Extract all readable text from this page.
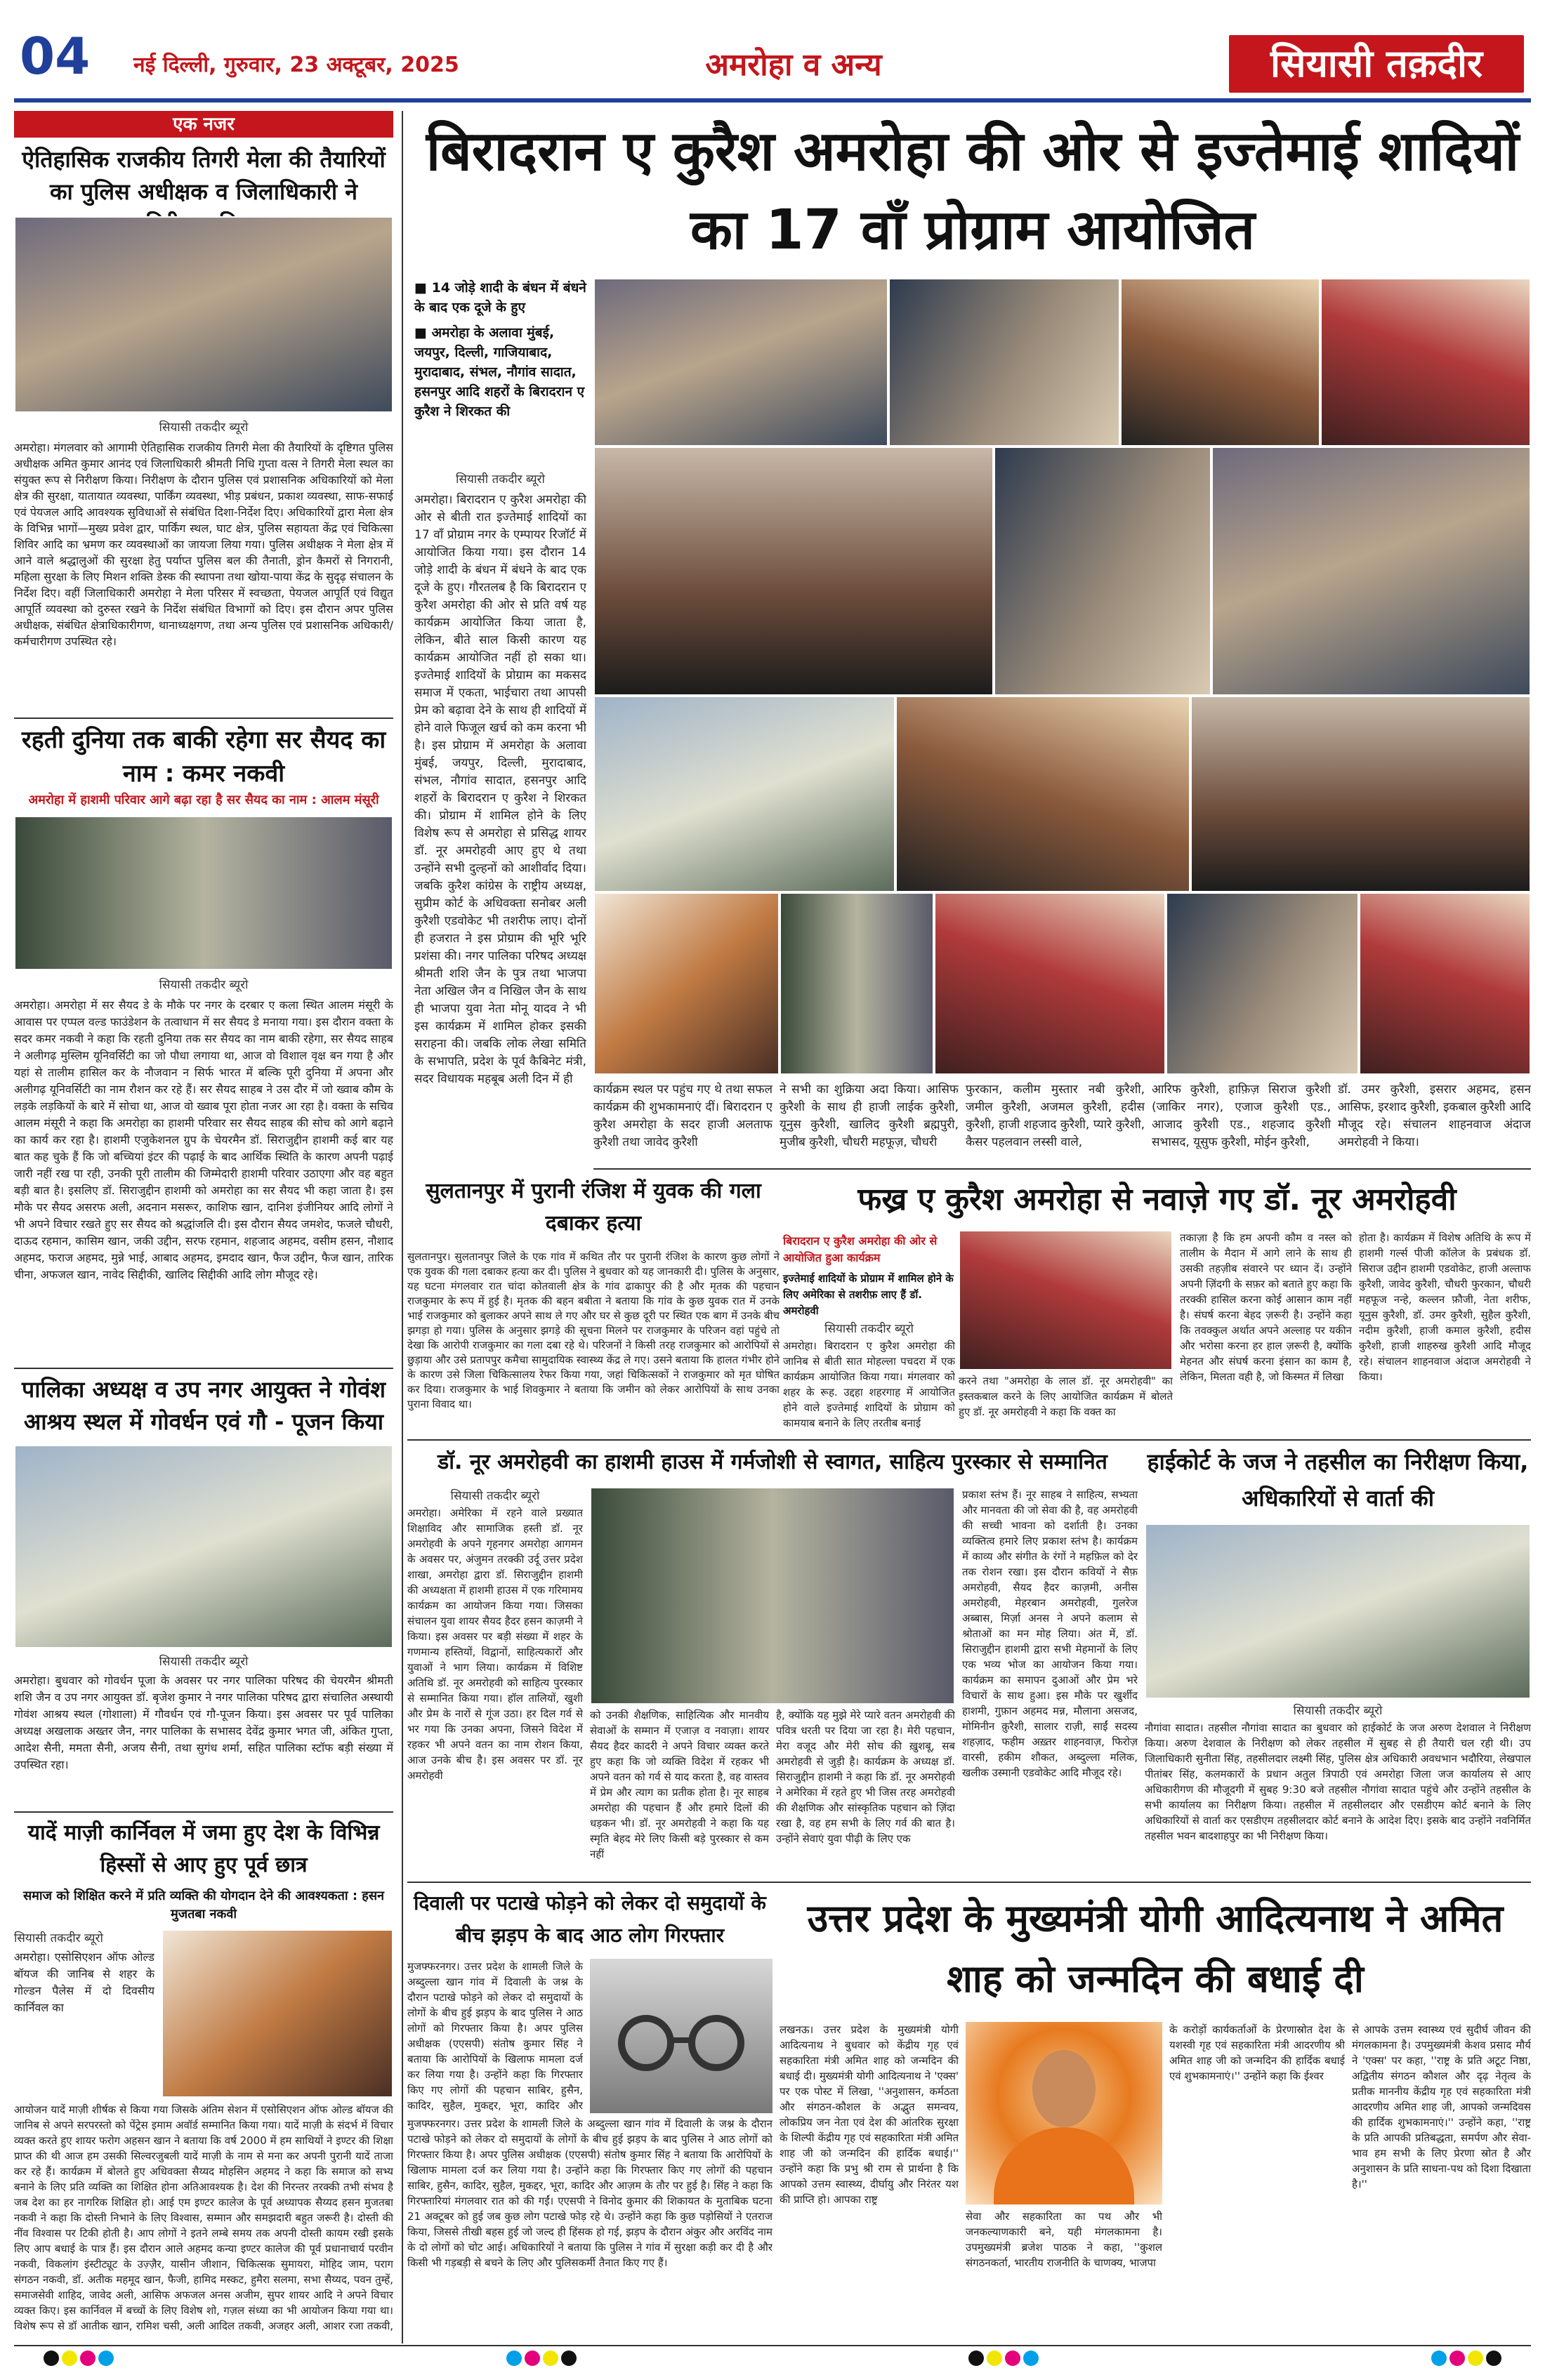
04	नई दिल्ली, गुरुवार, 23 अक्टूबर, 2025	अमरोहा व अन्य	सियासी तक़दीर
एक नजर
ऐतिहासिक राजकीय तिगरी मेला की तैयारियों का पुलिस अधीक्षक व जिलाधिकारी ने
सियासी तकदीर ब्यूरो
अमरोहा। मंगलवार को आगामी ऐतिहासिक राजकीय तिगरी मेला की तैयारियों के दृष्टिगत पुलिस अधीक्षक अमित कुमार आनंद एवं जिलाधिकारी श्रीमती निधि गुप्ता वत्स ने तिगरी मेला स्थल का संयुक्त रूप से निरीक्षण किया। निरीक्षण के दौरान पुलिस एवं प्रशासनिक अधिकारियों को मेला क्षेत्र की सुरक्षा, यातायात व्यवस्था, पार्किंग व्यवस्था, भीड़ प्रबंधन, प्रकाश व्यवस्था, साफ-सफाई एवं पेयजल आदि आवश्यक सुविधाओं से संबंधित दिशा-निर्देश दिए। अधिकारियों द्वारा मेला क्षेत्र के विभिन्न भागों—मुख्य प्रवेश द्वार, पार्किंग स्थल, घाट क्षेत्र, पुलिस सहायता केंद्र एवं चिकित्सा शिविर आदि का भ्रमण कर व्यवस्थाओं का जायजा लिया गया। पुलिस अधीक्षक ने मेला क्षेत्र में आने वाले श्रद्धालुओं की सुरक्षा हेतु पर्याप्त पुलिस बल की तैनाती, ड्रोन कैमरों से निगरानी, महिला सुरक्षा के लिए मिशन शक्ति डेस्क की स्थापना तथा खोया-पाया केंद्र के सुदृढ़ संचालन के निर्देश दिए। वहीं जिलाधिकारी अमरोहा ने मेला परिसर में स्वच्छता, पेयजल आपूर्ति एवं विद्युत आपूर्ति व्यवस्था को दुरुस्त रखने के निर्देश संबंधित विभागों को दिए। इस दौरान अपर पुलिस अधीक्षक, संबंधित क्षेत्राधिकारीगण, थानाध्यक्षगण, तथा अन्य पुलिस एवं प्रशासनिक अधिकारी/कर्मचारीगण उपस्थित रहे।
रहती दुनिया तक बाकी रहेगा सर सैयद का नाम : कमर नकवी
अमरोहा में हाशमी परिवार आगे बढ़ा रहा है सर सैयद का नाम : आलम मंसूरी
सियासी तकदीर ब्यूरो
अमरोहा। अमरोहा में सर सैयद डे के मौके पर नगर के दरबार ए कला स्थित आलम मंसूरी के आवास पर एप्पल वल्ड फाउंडेशन के तत्वाधान में सर सैयद डे मनाया गया। इस दौरान वक्ता के सदर कमर नकवी ने कहा कि रहती दुनिया तक सर सैयद का नाम बाकी रहेगा, सर सैयद साहब ने अलीगढ़ मुस्लिम यूनिवर्सिटी का जो पौधा लगाया था, आज वो विशाल वृक्ष बन गया है और यहां से तालीम हासिल कर के नौजवान न सिर्फ भारत में बल्कि पूरी दुनिया में अपना और अलीगढ़ यूनिवर्सिटी का नाम रौशन कर रहे हैं। सर सैयद साहब ने उस दौर में जो ख्वाब कौम के लड़के लड़कियों के बारे में सोचा था, आज वो ख्वाब पूरा होता नजर आ रहा है। वक्ता के सचिव आलम मंसूरी ने कहा कि अमरोहा का हाशमी परिवार सर सैयद साहब की सोच को आगे बढ़ाने का कार्य कर रहा है। हाशमी एजुकेशनल ग्रुप के चेयरमैन डॉ. सिराजुद्दीन हाशमी कई बार यह बात कह चुके हैं कि जो बच्चियां इंटर की पढ़ाई के बाद आर्थिक स्थिति के कारण अपनी पढ़ाई जारी नहीं रख पा रही, उनकी पूरी तालीम की जिम्मेदारी हाशमी परिवार उठाएगा और वह बहुत बड़ी बात है। इसलिए डॉ. सिराजुद्दीन हाशमी को अमरोहा का सर सैयद भी कहा जाता है। इस मौके पर सैयद असरफ अली, अदनान मसरूर, काशिफ खान, दानिश इंजीनियर आदि लोगों ने भी अपने विचार रखते हुए सर सैयद को श्रद्धांजलि दी। इस दौरान सैयद जमशेद, फजले चौधरी, दाऊद रहमान, कासिम खान, जकी उद्दीन, सरफ रहमान, शहजाद अहमद, वसीम हसन, नौशाद अहमद, फराज अहमद, मुन्ने भाई, आबाद अहमद, इमदाद खान, फैज उद्दीन, फैज खान, तारिक चीना, अफजल खान, नावेद सिद्दीकी, खालिद सिद्दीकी आदि लोग मौजूद रहे।
पालिका अध्यक्ष व उप नगर आयुक्त ने गोवंश आश्रय स्थल में गोवर्धन एवं गौ - पूजन किया
सियासी तकदीर ब्यूरो
अमरोहा। बुधवार को गोवर्धन पूजा के अवसर पर नगर पालिका परिषद की चेयरमैन श्रीमती शशि जैन व उप नगर आयुक्त डॉ. बृजेश कुमार ने नगर पालिका परिषद द्वारा संचालित अस्थायी गोवंश आश्रय स्थल (गोशाला) में गौवर्धन एवं गौ-पूजन किया। इस अवसर पर पूर्व पालिका अध्यक्ष अखलाक अख्तर जैन, नगर पालिका के सभासद देवेंद्र कुमार भगत जी, अंकित गुप्ता, आदेश सैनी, ममता सैनी, अजय सैनी, तथा सुगंध शर्मा, सहित पालिका स्टॉफ बड़ी संख्या में उपस्थित रहा।
यादें माज़ी कार्निवल में जमा हुए देश के विभिन्न हिस्सों से आए हुए पूर्व छात्र
समाज को शिक्षित करने में प्रति व्यक्ति की योगदान देने की आवश्यकता : हसन मुजतबा नकवी
सियासी तकदीर ब्यूरो
अमरोहा। एसोसिएशन ऑफ ओल्ड बॉयज की जानिब से शहर के गोल्डन पैलेस में दो दिवसीय कार्निवल का
आयोजन यादें माज़ी शीर्षक से किया गया जिसके अंतिम सेशन में एसोसिएशन ऑफ ओल्ड बॉयज की जानिब से अपने सरपरस्तो को पेंट्रेस इमाम अवॉर्ड सम्मानित किया गया। यादें माज़ी के संदर्भ में विचार व्यक्त करते हुए शायर फरोग अहसन खान ने बताया कि वर्ष 2000 में हम साथियों ने इण्टर की शिक्षा प्राप्त की थी आज हम उसकी सिल्वरजुबली यादें माज़ी के नाम से मना कर अपनी पुरानी यादें ताजा कर रहे हैं। कार्यक्रम में बोलते हुए अधिवक्ता सैय्यद मोहसिन अहमद ने कहा कि समाज को सभ्य बनाने के लिए प्रति व्यक्ति का शिक्षित होना अतिआवश्यक है। देश की निरन्तर तरक्की तभी संभव है जब देश का हर नागरिक शिक्षित हो। आई एम इण्टर कालेज के पूर्व अध्यापक सैय्यद हसन मुजतबा नकवी ने कहा कि दोस्ती निभाने के लिए विश्वास, सम्मान और समझदारी बहुत जरूरी है। दोस्ती की नींव विश्वास पर टिकी होती है। आप लोगों ने इतने लम्बे समय तक अपनी दोस्ती कायम रखी इसके लिए आप बधाई के पात्र हैं। इस दौरान आले अहमद कन्या इण्टर कालेज की पूर्व प्रधानाचार्य परवीन नकवी, विकलांग इंस्टीट्यूट के उज़्ज़ैर, यासीन जीशान, चिकित्सक सुमायरा, मोहिद जाम, पराग संगठन नकवी, डॉ. अतीक महमूद खान, फैजी, हामिद मस्कट, हुमैरा सलमा, सभा सैय्यद, पवन तुम्हें, समाजसेवी शाहिद, जावेद अली, आसिफ अफजल अनस अजीम, सुपर शायर आदि ने अपने विचार व्यक्त किए। इस कार्निवल में बच्चों के लिए विशेष शो, गज़ल संध्या का भी आयोजन किया गया था। विशेष रूप से डॉ आतीक खान, रामिश चसी, अली आदिल तकवी, अजहर अली, आशर रजा तकवी,
बिरादरान ए कुरैश अमरोहा की ओर से इज्तेमाई शादियों का 17 वाँ प्रोग्राम आयोजित
■ 14 जोड़े शादी के बंधन में बंधने के बाद एक दूजे के हुए
■ अमरोहा के अलावा मुंबई, जयपुर, दिल्ली, गाजियाबाद, मुरादाबाद, संभल, नौगांव सादात, हसनपुर आदि शहरों के बिरादरान ए कुरैश ने शिरकत की
सियासी तकदीर ब्यूरो
अमरोहा। बिरादरान ए कुरैश अमरोहा की ओर से बीती रात इज्तेमाई शादियों का 17 वाँ प्रोग्राम नगर के एम्पायर रिजॉर्ट में आयोजित किया गया। इस दौरान 14 जोड़े शादी के बंधन में बंधने के बाद एक दूजे के हुए। गौरतलब है कि बिरादरान ए कुरैश अमरोहा की ओर से प्रति वर्ष यह कार्यक्रम आयोजित किया जाता है, लेकिन, बीते साल किसी कारण यह कार्यक्रम आयोजित नहीं हो सका था। इज्तेमाई शादियों के प्रोग्राम का मकसद समाज में एकता, भाईचारा तथा आपसी प्रेम को बढ़ावा देने के साथ ही शादियों में होने वाले फिजूल खर्च को कम करना भी है। इस प्रोग्राम में अमरोहा के अलावा मुंबई, जयपुर, दिल्ली, मुरादाबाद, संभल, नौगांव सादात, हसनपुर आदि शहरों के बिरादरान ए कुरैश ने शिरकत की। प्रोग्राम में शामिल होने के लिए विशेष रूप से अमरोहा से प्रसिद्ध शायर डॉ. नूर अमरोहवी आए हुए थे तथा उन्होंने सभी दुल्हनों को आशीर्वाद दिया। जबकि कुरैश कांग्रेस के राष्ट्रीय अध्यक्ष, सुप्रीम कोर्ट के अधिवक्ता सनोबर अली कुरैशी एडवोकेट भी तशरीफ लाए। दोनों ही हजरात ने इस प्रोग्राम की भूरि भूरि प्रशंसा की। नगर पालिका परिषद अध्यक्ष श्रीमती शशि जैन के पुत्र तथा भाजपा नेता अखिल जैन व निखिल जैन के साथ ही भाजपा युवा नेता मोनू यादव ने भी इस कार्यक्रम में शामिल होकर इसकी सराहना की। जबकि लोक लेखा समिति के सभापति, प्रदेश के पूर्व कैबिनेट मंत्री, सदर विधायक महबूब अली दिन में ही
कार्यक्रम स्थल पर पहुंच गए थे तथा सफल कार्यक्रम की शुभकामनाएं दीं। बिरादरान ए कुरैश अमरोहा के सदर हाजी अलताफ कुरैशी तथा जावेद कुरैशी
ने सभी का शुक्रिया अदा किया। आसिफ कुरैशी के साथ ही हाजी लाईक कुरैशी, यूनुस कुरैशी, खालिद कुरैशी ब्रह्मपुरी, मुजीब कुरैशी, चौधरी महफूज़, चौधरी
फुरकान, कलीम मुस्तार नबी कुरैशी, जमील कुरैशी, अजमल कुरैशी, हदीस कुरैशी, हाजी शहजाद कुरैशी, प्यारे कुरैशी, कैसर पहलवान लस्सी वाले,
आरिफ कुरैशी, हाफ़िज़ सिराज कुरैशी (जाकिर नगर), एजाज कुरैशी एड., आजाद कुरैशी एड., शहजाद कुरैशी सभासद, यूसुफ कुरैशी, मोईन कुरैशी,
डॉ. उमर कुरैशी, इसरार अहमद, हसन आसिफ, इरशाद कुरैशी, इकबाल कुरैशी आदि मौजूद रहे। संचालन शाहनवाज अंदाज अमरोहवी ने किया।
सुलतानपुर में पुरानी रंजिश में युवक की गला दबाकर हत्या
सुलतानपुर। सुलतानपुर जिले के एक गांव में कथित तौर पर पुरानी रंजिश के कारण कुछ लोगों ने एक युवक की गला दबाकर हत्या कर दी। पुलिस ने बुधवार को यह जानकारी दी। पुलिस के अनुसार, यह घटना मंगलवार रात चांदा कोतवाली क्षेत्र के गांव ढाकापुर की है और मृतक की पहचान राजकुमार के रूप में हुई है। मृतक की बहन बबीता ने बताया कि गांव के कुछ युवक रात में उनके भाई राजकुमार को बुलाकर अपने साथ ले गए और घर से कुछ दूरी पर स्थित एक बाग में उनके बीच झगड़ा हो गया। पुलिस के अनुसार झगड़े की सूचना मिलने पर राजकुमार के परिजन वहां पहुंचे तो देखा कि आरोपी राजकुमार का गला दबा रहे थे। परिजनों ने किसी तरह राजकुमार को आरोपियों से छुड़ाया और उसे प्रतापपुर कमैचा सामुदायिक स्वास्थ्य केंद्र ले गए। उसने बताया कि हालत गंभीर होने के कारण उसे जिला चिकित्सालय रेफर किया गया, जहां चिकित्सकों ने राजकुमार को मृत घोषित कर दिया। राजकुमार के भाई शिवकुमार ने बताया कि जमीन को लेकर आरोपियों के साथ उनका पुराना विवाद था।
फख्र ए कुरैश अमरोहा से नवाज़े गए डॉ. नूर अमरोहवी
बिरादरान ए कुरैश अमरोहा की ओर से आयोजित हुआ कार्यक्रम
इज्तेमाई शादियों के प्रोग्राम में शामिल होने के लिए अमेरिका से तशरीफ़ लाए हैं डॉ. अमरोहवी
सियासी तकदीर ब्यूरो
अमरोहा। बिरादरान ए कुरैश अमरोहा की जानिब से बीती सात मोहल्ला पचदरा में एक कार्यक्रम आयोजित किया गया। मंगलवार को शहर के रूह. उद्दहा शहरगाह में आयोजित होने वाले इज्तेमाई शादियों के प्रोग्राम को कामयाब बनाने के लिए तरतीब बनाई
करने तथा "अमरोहा के लाल डॉ. नूर अमरोहवी" का इस्तकबाल करने के लिए आयोजित कार्यक्रम में बोलते हुए डॉ. नूर अमरोहवी ने कहा कि वक्त का
तकाज़ा है कि हम अपनी कौम व नस्ल को तालीम के मैदान में आगे लाने के साथ ही उसकी तहज़ीब संवारने पर ध्यान दें। उन्होंने अपनी ज़िंदगी के सफ़र को बताते हुए कहा कि तरक्की हासिल करना कोई आसान काम नहीं है। संघर्ष करना बेहद ज़रूरी है। उन्होंने कहा कि तवक्कुल अर्थात अपने अल्लाह पर यकीन और भरोसा करना हर हाल ज़रूरी है, क्योंकि मेहनत और संघर्ष करना इंसान का काम है, लेकिन, मिलता वही है, जो किस्मत में लिखा
होता है। कार्यक्रम में विशेष अतिथि के रूप में हाशमी गर्ल्स पीजी कॉलेज के प्रबंधक डॉ. सिराज उद्दीन हाशमी एडवोकेट, हाजी अल्ताफ कुरैशी, जावेद कुरैशी, चौधरी फुरकान, चौधरी महफूज नन्हे, कल्लन फ़ौजी, नेता शरीफ, यूनुस कुरैशी, डॉ. उमर कुरैशी, सुहैल कुरैशी, नदीम कुरैशी, हाजी कमाल कुरैशी, हदीस कुरैशी, हाजी शाहरुख कुरैशी आदि मौजूद रहे। संचालन शाहनवाज अंदाज अमरोहवी ने किया।
डॉ. नूर अमरोहवी का हाशमी हाउस में गर्मजोशी से स्वागत, साहित्य पुरस्कार से सम्मानित
सियासी तकदीर ब्यूरो
अमरोहा। अमेरिका में रहने वाले प्रख्यात शिक्षाविद और सामाजिक हस्ती डॉ. नूर अमरोहवी के अपने गृहनगर अमरोहा आगमन के अवसर पर, अंजुमन तरक्की उर्दू उत्तर प्रदेश शाखा, अमरोहा द्वारा डॉ. सिराजुद्दीन हाशमी की अध्यक्षता में हाशमी हाउस में एक गरिमामय कार्यक्रम का आयोजन किया गया। जिसका संचालन युवा शायर सैयद हैदर हसन काज़मी ने किया। इस अवसर पर बड़ी संख्या में शहर के गणमान्य हस्तियों, विद्वानों, साहित्यकारों और युवाओं ने भाग लिया। कार्यक्रम में विशिष्ट अतिथि डॉ. नूर अमरोहवी को साहित्य पुरस्कार से सम्मानित किया गया। हॉल तालियों, खुशी और प्रेम के नारों से गूंज उठा। हर दिल गर्व से भर गया कि उनका अपना, जिसने विदेश में रहकर भी अपने वतन का नाम रोशन किया, आज उनके बीच है। इस अवसर पर डॉ. नूर अमरोहवी
को उनकी शैक्षणिक, साहित्यिक और मानवीय सेवाओं के सम्मान में एजाज़ व नवाज़ा। शायर सैयद हैदर कादरी ने अपने विचार व्यक्त करते हुए कहा कि जो व्यक्ति विदेश में रहकर भी अपने वतन को गर्व से याद करता है, वह वास्तव में प्रेम और त्याग का प्रतीक होता है। नूर साहब अमरोहा की पहचान हैं और हमारे दिलों की धड़कन भी। डॉ. नूर अमरोहवी ने कहा कि यह स्मृति बेहद मेरे लिए किसी बड़े पुरस्कार से कम नहीं
है, क्योंकि यह मुझे मेरे प्यारे वतन अमरोहवी की पवित्र धरती पर दिया जा रहा है। मेरी पहचान, मेरा वजूद और मेरी सोच की ख़ुशबू, सब अमरोहवी से जुड़ी है। कार्यक्रम के अध्यक्ष डॉ. सिराजुद्दीन हाशमी ने कहा कि डॉ. नूर अमरोहवी ने अमेरिका में रहते हुए भी जिस तरह अमरोहवी की शैक्षणिक और सांस्कृतिक पहचान को ज़िंदा रखा है, वह हम सभी के लिए गर्व की बात है। उन्होंने सेवाएं युवा पीढ़ी के लिए एक
प्रकाश स्तंभ हैं। नूर साहब ने साहित्य, सभ्यता और मानवता की जो सेवा की है, वह अमरोहवी की सच्ची भावना को दर्शाती है। उनका व्यक्तित्व हमारे लिए प्रकाश स्तंभ है। कार्यक्रम में काव्य और संगीत के रंगों ने महफ़िल को देर तक रोशन रखा। इस दौरान कवियों ने सैफ़ अमरोहवी, सैयद हैदर काज़मी, अनीस अमरोहवी, मेहरबान अमरोहवी, गुलरेज अब्बास, मिर्ज़ा अनस ने अपने कलाम से श्रोताओं का मन मोह लिया। अंत में, डॉ. सिराजुद्दीन हाशमी द्वारा सभी मेहमानों के लिए एक भव्य भोज का आयोजन किया गया। कार्यक्रम का समापन दुआओं और प्रेम भरे विचारों के साथ हुआ। इस मौके पर खुर्शीद हाशमी, गुफ़ान अहमद मन्न, मौलाना असजद, मोमिनीन क़ुरैशी, सालार राज़ी, साईं सदस्य शहज़ाद, फहीम अख़्तर शाहनवाज़, फिरोज़ वारसी, हकीम शौकत, अब्दुल्ला मलिक, खलीक उस्मानी एडवोकेट आदि मौजूद रहे।
हाईकोर्ट के जज ने तहसील का निरीक्षण किया, अधिकारियों से वार्ता की
सियासी तकदीर ब्यूरो
नौगांवा सादात। तहसील नौगांवा सादात का बुधवार को हाईकोर्ट के जज अरुण देशवाल ने निरीक्षण किया। अरुण देशवाल के निरीक्षण को लेकर तहसील में सुबह से ही तैयारी चल रही थी। उप जिलाधिकारी सुनीता सिंह, तहसीलदार लक्ष्मी सिंह, पुलिस क्षेत्र अधिकारी अवधभान भदौरिया, लेखपाल पीतांबर सिंह, कलमकारों के प्रधान अतुल त्रिपाठी एवं अमरोहा जिला जज कार्यालय से आए अधिकारीगण की मौजूदगी में सुबह 9:30 बजे तहसील नौगांवा सादात पहुंचे और उन्होंने तहसील के सभी कार्यालय का निरीक्षण किया। तहसील में तहसीलदार और एसडीएम कोर्ट बनाने के लिए अधिकारियों से वार्ता कर एसडीएम तहसीलदार कोर्ट बनाने के आदेश दिए। इसके बाद उन्होंने नवनिर्मित तहसील भवन बादशाहपुर का भी निरीक्षण किया।
दिवाली पर पटाखे फोड़ने को लेकर दो समुदायों के बीच झड़प के बाद आठ लोग गिरफ्तार
मुजफ्फरनगर। उत्तर प्रदेश के शामली जिले के अब्दुल्ला खान गांव में दिवाली के जश्न के दौरान पटाखे फोड़ने को लेकर दो समुदायों के लोगों के बीच हुई झड़प के बाद पुलिस ने आठ लोगों को गिरफ्तार किया है। अपर पुलिस अधीक्षक (एएसपी) संतोष कुमार सिंह ने बताया कि आरोपियों के खिलाफ मामला दर्ज कर लिया गया है। उन्होंने कहा कि गिरफ्तार किए गए लोगों की पहचान साबिर, हुसैन, कादिर, सुहैल, मुकद्दर, भूरा, कादिर और
मुजफ्फरनगर। उत्तर प्रदेश के शामली जिले के अब्दुल्ला खान गांव में दिवाली के जश्न के दौरान पटाखे फोड़ने को लेकर दो समुदायों के लोगों के बीच हुई झड़प के बाद पुलिस ने आठ लोगों को गिरफ्तार किया है। अपर पुलिस अधीक्षक (एएसपी) संतोष कुमार सिंह ने बताया कि आरोपियों के खिलाफ मामला दर्ज कर लिया गया है। उन्होंने कहा कि गिरफ्तार किए गए लोगों की पहचान साबिर, हुसैन, कादिर, सुहैल, मुकद्दर, भूरा, कादिर और आज़म के तौर पर हुई है। सिंह ने कहा कि गिरफ्तारियां मंगलवार रात को की गईं। एएसपी ने विनोद कुमार की शिकायत के मुताबिक घटना 21 अक्टूबर को हुई जब कुछ लोग पटाखे फोड़ रहे थे। उन्होंने कहा कि कुछ पड़ोसियों ने एतराज किया, जिससे तीखी बहस हुई जो जल्द ही हिंसक हो गई, झड़प के दौरान अंकुर और अरविंद नाम के दो लोगों को चोट आई। अधिकारियों ने बताया कि पुलिस ने गांव में सुरक्षा कड़ी कर दी है और किसी भी गड़बड़ी से बचने के लिए और पुलिसकर्मी तैनात किए गए हैं।
उत्तर प्रदेश के मुख्यमंत्री योगी आदित्यनाथ ने अमित शाह को जन्मदिन की बधाई दी
लखनऊ। उत्तर प्रदेश के मुख्यमंत्री योगी आदित्यनाथ ने बुधवार को केंद्रीय गृह एवं सहकारिता मंत्री अमित शाह को जन्मदिन की बधाई दी। मुख्यमंत्री योगी आदित्यनाथ ने 'एक्स' पर एक पोस्ट में लिखा, ''अनुशासन, कर्मठता और संगठन-कौशल के अद्भुत समन्वय, लोकप्रिय जन नेता एवं देश की आंतरिक सुरक्षा के शिल्पी केंद्रीय गृह एवं सहकारिता मंत्री अमित शाह जी को जन्मदिन की हार्दिक बधाई।'' उन्होंने कहा कि प्रभु श्री राम से प्रार्थना है कि आपको उत्तम स्वास्थ्य, दीर्घायु और निरंतर यश की प्राप्ति हो। आपका राष्ट्र
सेवा और सहकारिता का पथ और भी जनकल्याणकारी बने, यही मंगलकामना है। उपमुख्यमंत्री ब्रजेश पाठक ने कहा, ''कुशल संगठनकर्ता, भारतीय राजनीति के चाणक्य, भाजपा
के करोड़ों कार्यकर्ताओं के प्रेरणास्रोत देश के यशस्वी गृह एवं सहकारिता मंत्री आदरणीय श्री अमित शाह जी को जन्मदिन की हार्दिक बधाई एवं शुभकामनाएं।'' उन्होंने कहा कि ईश्वर
से आपके उत्तम स्वास्थ्य एवं सुदीर्घ जीवन की मंगलकामना है। उपमुख्यमंत्री केशव प्रसाद मौर्य ने 'एक्स' पर कहा, ''राष्ट्र के प्रति अटूट निष्ठा, अद्वितीय संगठन कौशल और दृढ़ नेतृत्व के प्रतीक माननीय केंद्रीय गृह एवं सहकारिता मंत्री आदरणीय अमित शाह जी, आपको जन्मदिवस की हार्दिक शुभकामनाएं।'' उन्होंने कहा, ''राष्ट्र के प्रति आपकी प्रतिबद्धता, समर्पण और सेवा-भाव हम सभी के लिए प्रेरणा स्रोत है और अनुशासन के प्रति साधना-पथ को दिशा दिखाता है।''
